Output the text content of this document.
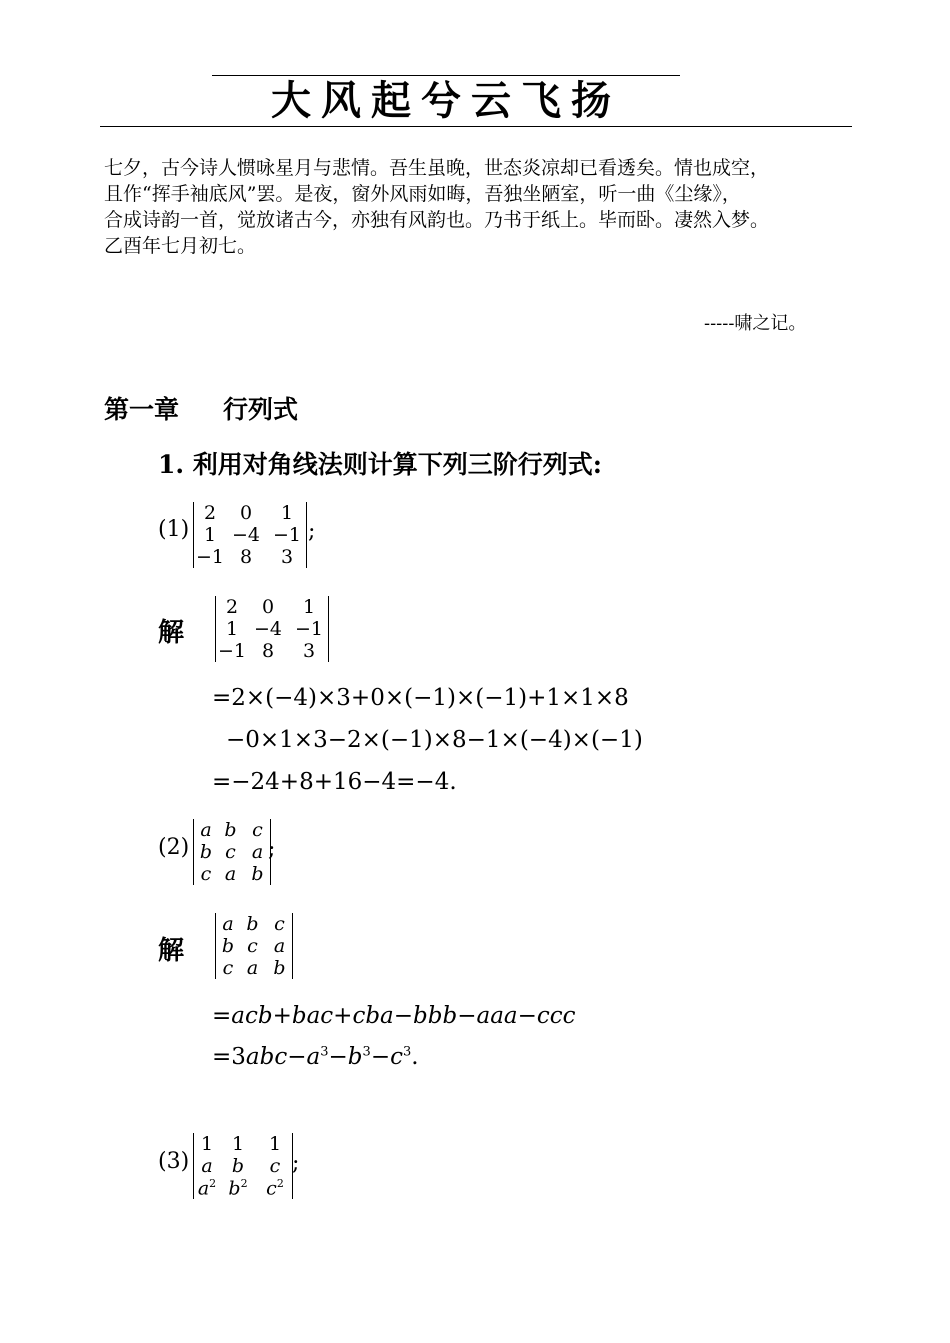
大风起兮云飞扬
七夕，古今诗人惯咏星月与悲情。吾生虽晚，世态炎凉却已看透矣。情也成空，
且作“挥手袖底风”罢。是夜，窗外风雨如晦，吾独坐陋室，听一曲《尘缘》，
合成诗韵一首，觉放诸古今，亦独有风韵也。乃书于纸上。毕而卧。凄然入梦。
乙酉年七月初七。
-----啸之记。
第一章 行列式
1. 利用对角线法则计算下列三阶行列式:
(1)
2	0	1
1	−4	−1
−1	8	3
;
解
2	0	1
1	−4	−1
−1	8	3
=2×(−4)×3+0×(−1)×(−1)+1×1×8
−0×1×3−2×(−1)×8−1×(−4)×(−1)
=−24+8+16−4=−4.
(2)
a	b	c
b	c	a
c	a	b
;
解
a	b	c
b	c	a
c	a	b
=acb+bac+cba−bbb−aaa−ccc
$=3abc-a^3-b^3-c^3$.
(3)
1	1	1
a	b	c
$a^2$	$b^2$	$c^2$
;
